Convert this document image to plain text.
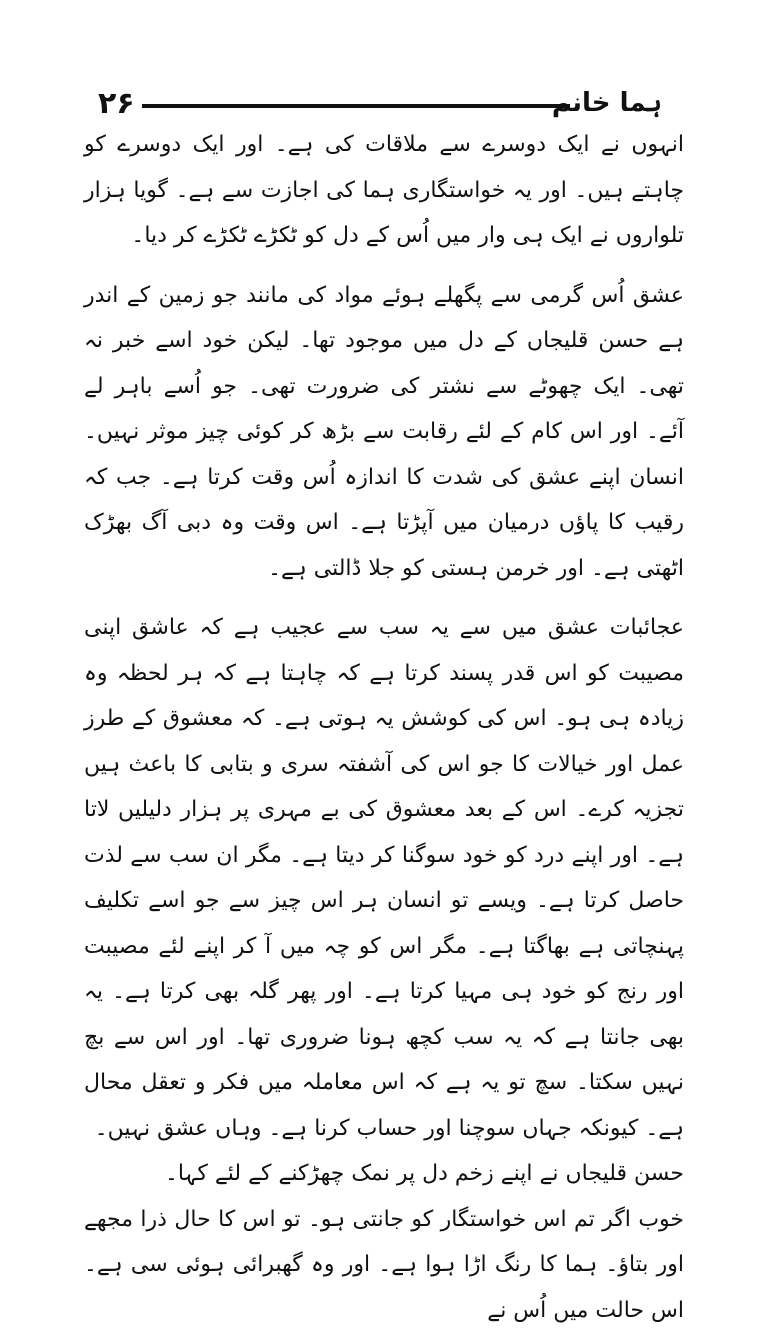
۲۶	ہما خانم

انہوں نے ایک دوسرے سے ملاقات کی ہے۔ اور ایک دوسرے کو چاہتے ہیں۔ اور یہ خواستگاری ہما کی اجازت سے ہے۔ گویا ہزار تلواروں نے ایک ہی وار میں اُس کے دل کو ٹکڑے ٹکڑے کر دیا۔

عشق اُس گرمی سے پگھلے ہوئے مواد کی مانند جو زمین کے اندر ہے حسن قلیجاں کے دل میں موجود تھا۔ لیکن خود اسے خبر نہ تھی۔ ایک چھوٹے سے نشتر کی ضرورت تھی۔ جو اُسے باہر لے آئے۔ اور اس کام کے لئے رقابت سے بڑھ کر کوئی چیز موثر نہیں۔ انسان اپنے عشق کی شدت کا اندازہ اُس وقت کرتا ہے۔ جب کہ رقیب کا پاؤں درمیان میں آپڑتا ہے۔ اس وقت وہ دبی آگ بھڑک اٹھتی ہے۔ اور خرمن ہستی کو جلا ڈالتی ہے۔

عجائبات عشق میں سے یہ سب سے عجیب ہے کہ عاشق اپنی مصیبت کو اس قدر پسند کرتا ہے کہ چاہتا ہے کہ ہر لحظہ وہ زیادہ ہی ہو۔ اس کی کوشش یہ ہوتی ہے۔ کہ معشوق کے طرز عمل اور خیالات کا جو اس کی آشفتہ سری و بتابی کا باعث ہیں تجزیہ کرے۔ اس کے بعد معشوق کی بے مہری پر ہزار دلیلیں لاتا ہے۔ اور اپنے درد کو خود سوگنا کر دیتا ہے۔ مگر ان سب سے لذت حاصل کرتا ہے۔ ویسے تو انسان ہر اس چیز سے جو اسے تکلیف پہنچاتی ہے بھاگتا ہے۔ مگر اس کو چہ میں آ کر اپنے لئے مصیبت اور رنج کو خود ہی مہیا کرتا ہے۔ اور پھر گلہ بھی کرتا ہے۔ یہ بھی جانتا ہے کہ یہ سب کچھ ہونا ضروری تھا۔ اور اس سے بچ نہیں سکتا۔ سچ تو یہ ہے کہ اس معاملہ میں فکر و تعقل محال ہے۔ کیونکہ جہاں سوچنا اور حساب کرنا ہے۔ وہاں عشق نہیں۔

حسن قلیجاں نے اپنے زخم دل پر نمک چھڑکنے کے لئے کہا۔

خوب اگر تم اس خواستگار کو جانتی ہو۔ تو اس کا حال ذرا مجھے اور بتاؤ۔ ہما کا رنگ اڑا ہوا ہے۔ اور وہ گھبرائی ہوئی سی ہے۔ اس حالت میں اُس نے
